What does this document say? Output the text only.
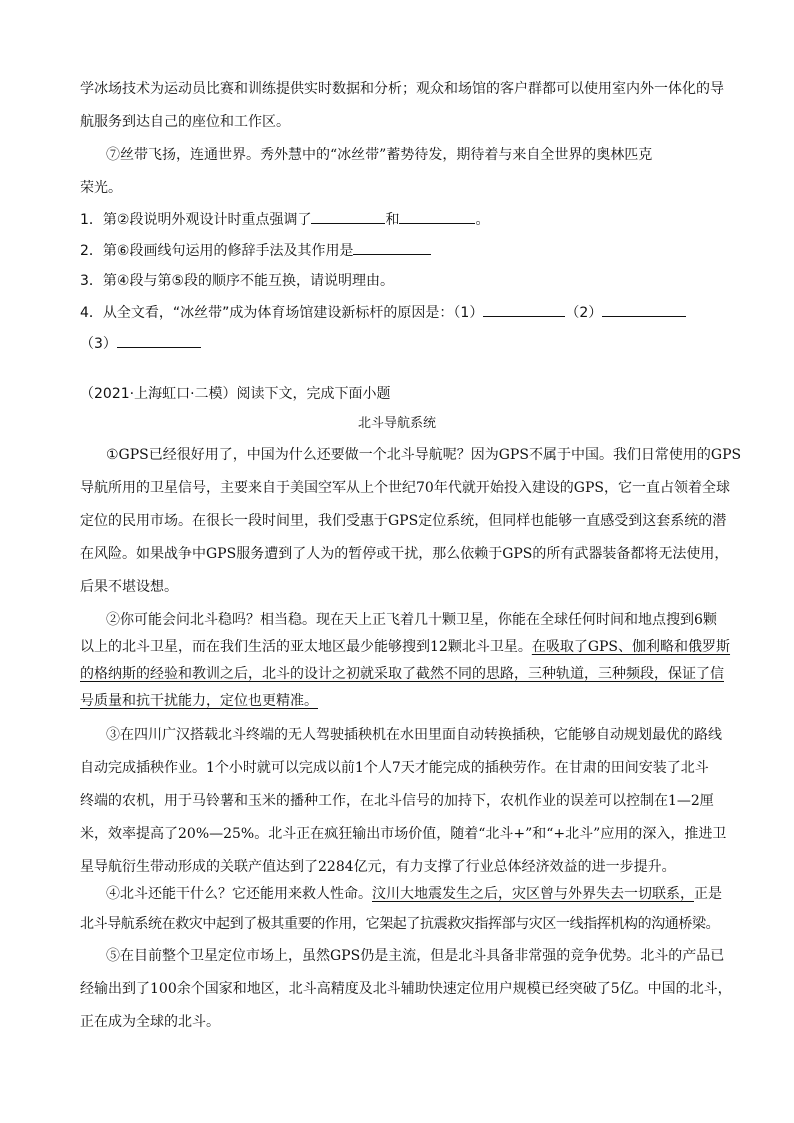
学冰场技术为运动员比赛和训练提供实时数据和分析；观众和场馆的客户群都可以使用室内外一体化的导
航服务到达自己的座位和工作区。
⑦丝带飞扬，连通世界。秀外慧中的“冰丝带”蓄势待发，期待着与来自全世界的奥林匹克
荣光。
1．第②段说明外观设计时重点强调了	和	。
2．第⑥段画线句运用的修辞手法及其作用是
3．第④段与第⑤段的顺序不能互换，请说明理由。
4．从全文看，“冰丝带”成为体育场馆建设新标杆的原因是：（1）	（2）
（3）
（2021·上海虹口·二模）阅读下文，完成下面小题
北斗导航系统
①GPS已经很好用了，中国为什么还要做一个北斗导航呢？因为GPS不属于中国。我们日常使用的GPS
导航所用的卫星信号，主要来自于美国空军从上个世纪70年代就开始投入建设的GPS，它一直占领着全球
定位的民用市场。在很长一段时间里，我们受惠于GPS定位系统，但同样也能够一直感受到这套系统的潜
在风险。如果战争中GPS服务遭到了人为的暂停或干扰，那么依赖于GPS的所有武器装备都将无法使用，
后果不堪设想。
②你可能会问北斗稳吗？相当稳。现在天上正飞着几十颗卫星，你能在全球任何时间和地点搜到6颗
以上的北斗卫星，而在我们生活的亚太地区最少能够搜到12颗北斗卫星。在吸取了GPS、伽利略和俄罗斯
的格纳斯的经验和教训之后，北斗的设计之初就采取了截然不同的思路，三种轨道，三种频段，保证了信
号质量和抗干扰能力，定位也更精准。
③在四川广汉搭载北斗终端的无人驾驶插秧机在水田里面自动转换插秧，它能够自动规划最优的路线
自动完成插秧作业。1个小时就可以完成以前1个人7天才能完成的插秧劳作。在甘肃的田间安装了北斗
终端的农机，用于马铃薯和玉米的播种工作，在北斗信号的加持下，农机作业的误差可以控制在1—2厘
米，效率提高了20%—25%。北斗正在疯狂输出市场价值，随着“北斗+”和“+北斗”应用的深入，推进卫
星导航衍生带动形成的关联产值达到了2284亿元，有力支撑了行业总体经济效益的进一步提升。
④北斗还能干什么？它还能用来救人性命。汶川大地震发生之后，灾区曾与外界失去一切联系，正是
北斗导航系统在救灾中起到了极其重要的作用，它架起了抗震救灾指挥部与灾区一线指挥机构的沟通桥梁。
⑤在目前整个卫星定位市场上，虽然GPS仍是主流，但是北斗具备非常强的竞争优势。北斗的产品已
经输出到了100余个国家和地区，北斗高精度及北斗辅助快速定位用户规模已经突破了5亿。中国的北斗，
正在成为全球的北斗。
